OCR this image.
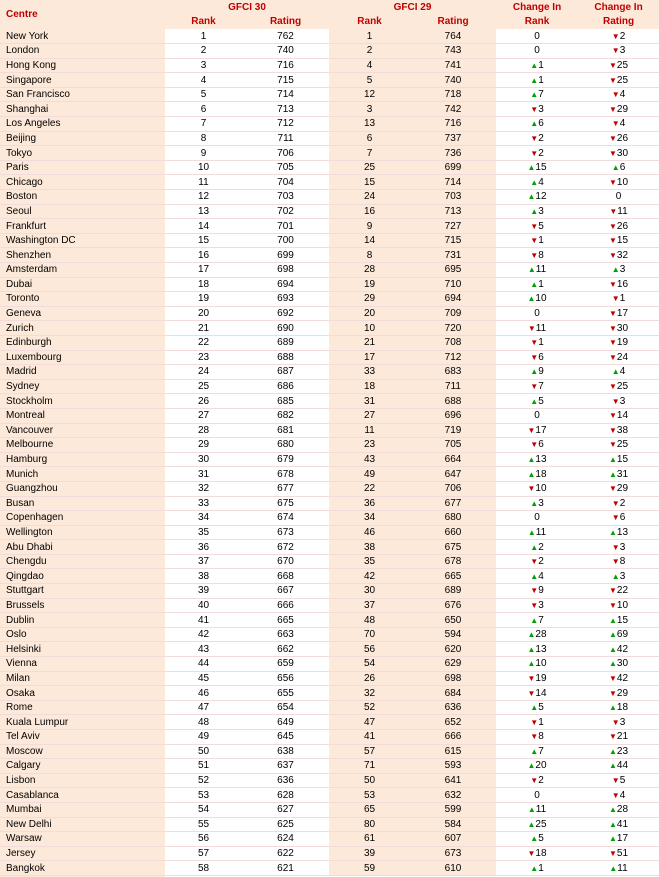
Centre	GFCI 30		GFCI 29		Change In	Change In
	Rank	Rating	Rank	Rating	Rank	Rating
New York	1	762	1	764	0	▼2
London	2	740	2	743	0	▼3
Hong Kong	3	716	4	741	▲1	▼25
Singapore	4	715	5	740	▲1	▼25
San Francisco	5	714	12	718	▲7	▼4
Shanghai	6	713	3	742	▼3	▼29
Los Angeles	7	712	13	716	▲6	▼4
Beijing	8	711	6	737	▼2	▼26
Tokyo	9	706	7	736	▼2	▼30
Paris	10	705	25	699	▲15	▲6
Chicago	11	704	15	714	▲4	▼10
Boston	12	703	24	703	▲12	0
Seoul	13	702	16	713	▲3	▼11
Frankfurt	14	701	9	727	▼5	▼26
Washington DC	15	700	14	715	▼1	▼15
Shenzhen	16	699	8	731	▼8	▼32
Amsterdam	17	698	28	695	▲11	▲3
Dubai	18	694	19	710	▲1	▼16
Toronto	19	693	29	694	▲10	▼1
Geneva	20	692	20	709	0	▼17
Zurich	21	690	10	720	▼11	▼30
Edinburgh	22	689	21	708	▼1	▼19
Luxembourg	23	688	17	712	▼6	▼24
Madrid	24	687	33	683	▲9	▲4
Sydney	25	686	18	711	▼7	▼25
Stockholm	26	685	31	688	▲5	▼3
Montreal	27	682	27	696	0	▼14
Vancouver	28	681	11	719	▼17	▼38
Melbourne	29	680	23	705	▼6	▼25
Hamburg	30	679	43	664	▲13	▲15
Munich	31	678	49	647	▲18	▲31
Guangzhou	32	677	22	706	▼10	▼29
Busan	33	675	36	677	▲3	▼2
Copenhagen	34	674	34	680	0	▼6
Wellington	35	673	46	660	▲11	▲13
Abu Dhabi	36	672	38	675	▲2	▼3
Chengdu	37	670	35	678	▼2	▼8
Qingdao	38	668	42	665	▲4	▲3
Stuttgart	39	667	30	689	▼9	▼22
Brussels	40	666	37	676	▼3	▼10
Dublin	41	665	48	650	▲7	▲15
Oslo	42	663	70	594	▲28	▲69
Helsinki	43	662	56	620	▲13	▲42
Vienna	44	659	54	629	▲10	▲30
Milan	45	656	26	698	▼19	▼42
Osaka	46	655	32	684	▼14	▼29
Rome	47	654	52	636	▲5	▲18
Kuala Lumpur	48	649	47	652	▼1	▼3
Tel Aviv	49	645	41	666	▼8	▼21
Moscow	50	638	57	615	▲7	▲23
Calgary	51	637	71	593	▲20	▲44
Lisbon	52	636	50	641	▼2	▼5
Casablanca	53	628	53	632	0	▼4
Mumbai	54	627	65	599	▲11	▲28
New Delhi	55	625	80	584	▲25	▲41
Warsaw	56	624	61	607	▲5	▲17
Jersey	57	622	39	673	▼18	▼51
Bangkok	58	621	59	610	▲1	▲11
